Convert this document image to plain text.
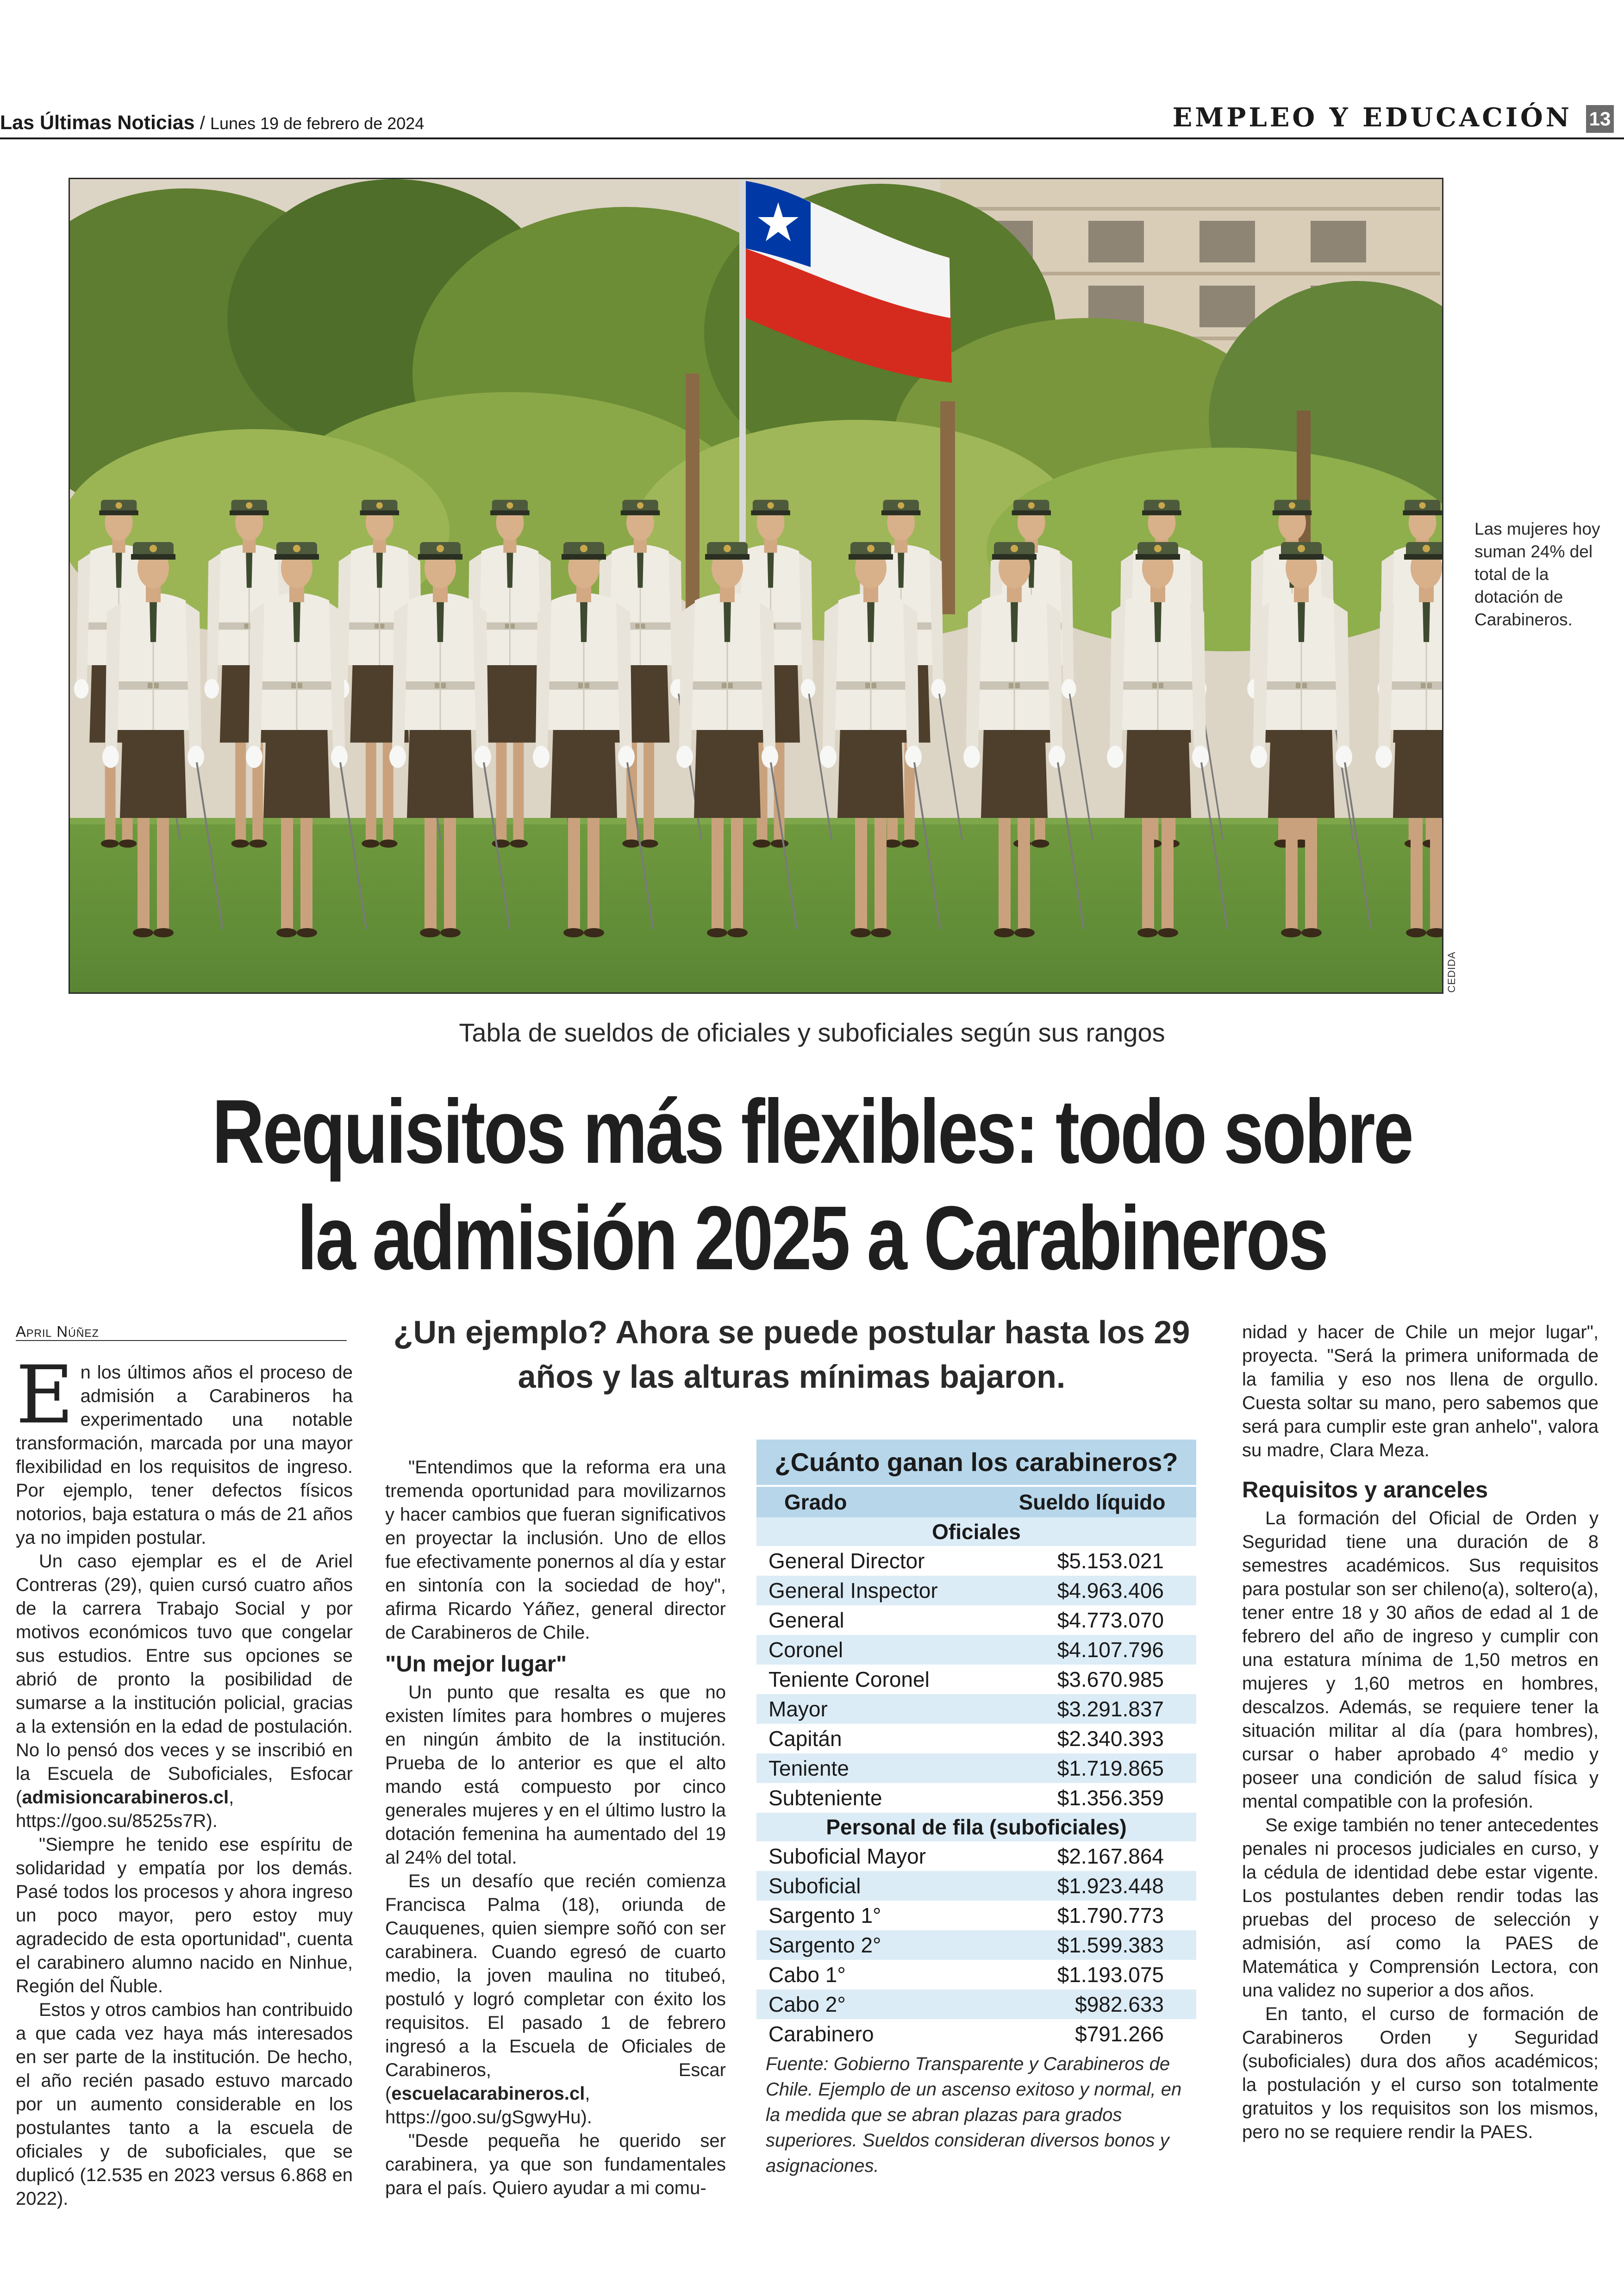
Las Últimas Noticias / Lunes 19 de febrero de 2024	EMPLEO Y EDUCACIÓN 13
CEDIDA
Las mujeres hoy suman 24% del total de la dotación de Carabineros.
Tabla de sueldos de oficiales y suboficiales según sus rangos
Requisitos más flexibles: todo sobre
la admisión 2025 a Carabineros
April Núñez

En los últimos años el proceso de admisión a Carabineros ha experimentado una notable transformación, marcada por una mayor flexibilidad en los requisitos de ingreso. Por ejemplo, tener defectos físicos notorios, baja estatura o más de 21 años ya no impiden postular.

Un caso ejemplar es el de Ariel Contreras (29), quien cursó cuatro años de la carrera Trabajo Social y por motivos económicos tuvo que congelar sus estudios. Entre sus opciones se abrió de pronto la posibilidad de sumarse a la institución policial, gracias a la extensión en la edad de postulación. No lo pensó dos veces y se inscribió en la Escuela de Suboficiales, Esfocar (admisioncarabineros.cl, https://goo.su/8525s7R).

"Siempre he tenido ese espíritu de solidaridad y empatía por los demás. Pasé todos los procesos y ahora ingreso un poco mayor, pero estoy muy agradecido de esta oportunidad", cuenta el carabinero alumno nacido en Ninhue, Región del Ñuble.

Estos y otros cambios han contribuido a que cada vez haya más interesados en ser parte de la institución. De hecho, el año recién pasado estuvo marcado por un aumento considerable en los postulantes tanto a la escuela de oficiales y de suboficiales, que se duplicó (12.535 en 2023 versus 6.868 en 2022).

¿Un ejemplo? Ahora se puede postular hasta los 29
años y las alturas mínimas bajaron.

"Entendimos que la reforma era una tremenda oportunidad para movilizarnos y hacer cambios que fueran significativos en proyectar la inclusión. Uno de ellos fue efectivamente ponernos al día y estar en sintonía con la sociedad de hoy", afirma Ricardo Yáñez, general director de Carabineros de Chile.

"Un mejor lugar"

Un punto que resalta es que no existen límites para hombres o mujeres en ningún ámbito de la institución. Prueba de lo anterior es que el alto mando está compuesto por cinco generales mujeres y en el último lustro la dotación femenina ha aumentado del 19 al 24% del total.

Es un desafío que recién comienza Francisca Palma (18), oriunda de Cauquenes, quien siempre soñó con ser carabinera. Cuando egresó de cuarto medio, la joven maulina no titubeó, postuló y logró completar con éxito los requisitos. El pasado 1 de febrero ingresó a la Escuela de Oficiales de Carabineros, Escar (escuelacarabineros.cl, https://goo.su/gSgwyHu).

"Desde pequeña he querido ser carabinera, ya que son fundamentales para el país. Quiero ayudar a mi comu-

¿Cuánto ganan los carabineros?
Grado	Sueldo líquido
Oficiales
General Director	$5.153.021
General Inspector	$4.963.406
General	$4.773.070
Coronel	$4.107.796
Teniente Coronel	$3.670.985
Mayor	$3.291.837
Capitán	$2.340.393
Teniente	$1.719.865
Subteniente	$1.356.359
Personal de fila (suboficiales)
Suboficial Mayor	$2.167.864
Suboficial	$1.923.448
Sargento 1°	$1.790.773
Sargento 2°	$1.599.383
Cabo 1°	$1.193.075
Cabo 2°	$982.633
Carabinero	$791.266
Fuente: Gobierno Transparente y Carabineros de Chile. Ejemplo de un ascenso exitoso y normal, en la medida que se abran plazas para grados superiores. Sueldos consideran diversos bonos y asignaciones.

nidad y hacer de Chile un mejor lugar", proyecta. "Será la primera uniformada de la familia y eso nos llena de orgullo. Cuesta soltar su mano, pero sabemos que será para cumplir este gran anhelo", valora su madre, Clara Meza.

Requisitos y aranceles

La formación del Oficial de Orden y Seguridad tiene una duración de 8 semestres académicos. Sus requisitos para postular son ser chileno(a), soltero(a), tener entre 18 y 30 años de edad al 1 de febrero del año de ingreso y cumplir con una estatura mínima de 1,50 metros en mujeres y 1,60 metros en hombres, descalzos. Además, se requiere tener la situación militar al día (para hombres), cursar o haber aprobado 4° medio y poseer una condición de salud física y mental compatible con la profesión.

Se exige también no tener antecedentes penales ni procesos judiciales en curso, y la cédula de identidad debe estar vigente. Los postulantes deben rendir todas las pruebas del proceso de selección y admisión, así como la PAES de Matemática y Comprensión Lectora, con una validez no superior a dos años.

En tanto, el curso de formación de Carabineros Orden y Seguridad (suboficiales) dura dos años académicos; la postulación y el curso son totalmente gratuitos y los requisitos son los mismos, pero no se requiere rendir la PAES.
